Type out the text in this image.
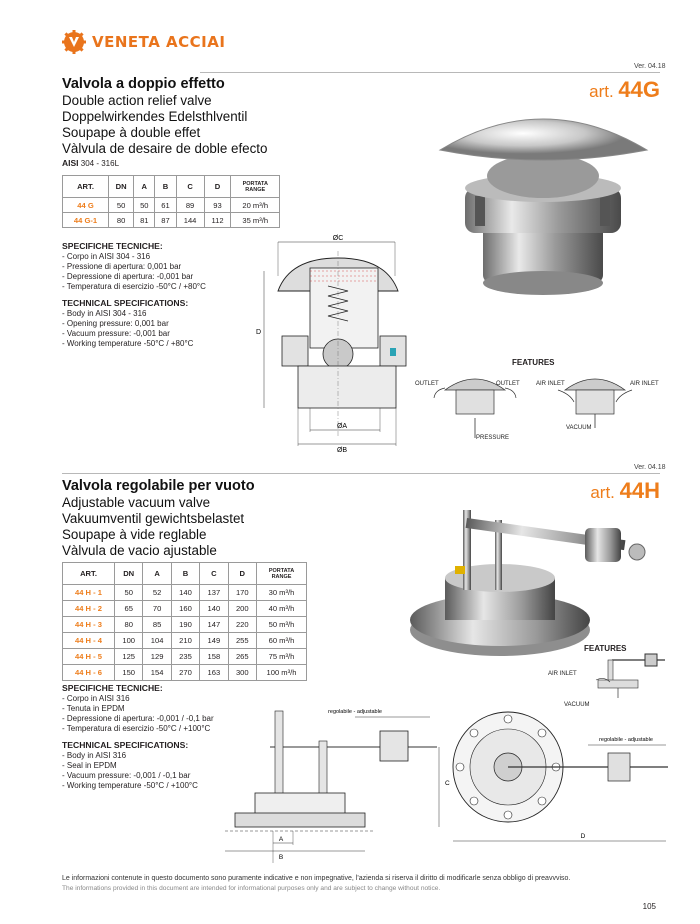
VENETA ACCIAI
Ver. 04.18
art. 44G
Valvola a doppio effetto
Double action relief valve
Doppelwirkendes Edelsthlventil
Soupape à double effet
Vàlvula de desaire de doble efecto
AISI 304 - 316L
ART.	DN	A	B	C	D	PORTATA
RANGE
44 G	50	50	61	89	93	20 m³/h
44 G-1	80	81	87	144	112	35 m³/h
SPECIFICHE TECNICHE:
- Corpo in AISI 304 - 316
- Pressione di apertura: 0,001 bar
- Depressione di apertura: -0,001 bar
- Temperatura di esercizio -50°C / +80°C
TECHNICAL SPECIFICATIONS:
- Body in AISI 304 - 316
- Opening pressure: 0,001 bar
- Vacuum pressure: -0,001 bar
- Working temperature -50°C / +80°C
ØC
D
ØA
ØB
FEATURES
OUTLET	OUTLET
PRESSURE
AIR INLET	AIR INLET
VACUUM
Ver. 04.18
art. 44H
Valvola regolabile per vuoto
Adjustable vacuum valve
Vakuumventil gewichtsbelastet
Soupape à vide reglable
Vàlvula de vacio ajustable
ART.	DN	A	B	C	D	PORTATA
RANGE
44 H - 1	50	52	140	137	170	30 m³/h
44 H - 2	65	70	160	140	200	40 m³/h
44 H - 3	80	85	190	147	220	50 m³/h
44 H - 4	100	104	210	149	255	60 m³/h
44 H - 5	125	129	235	158	265	75 m³/h
44 H - 6	150	154	270	163	300	100 m³/h
SPECIFICHE TECNICHE:
- Corpo in AISI 316
- Tenuta in EPDM
- Depressione di apertura: -0,001 / -0,1 bar
- Temperatura di esercizio -50°C / +100°C
TECHNICAL SPECIFICATIONS:
- Body in AISI 316
- Seal in EPDM
- Vacuum pressure: -0,001 / -0,1 bar
- Working temperature -50°C / +100°C
FEATURES
AIR INLET
VACUUM
regolabile - adjustable
A
B
C
regolabile - adjustable
D
Le informazioni contenute in questo documento sono puramente indicative e non impegnative, l'azienda si riserva il diritto di modificarle senza obbligo di preavvviso.
The informations provided in this document are intended for informational purposes only and are subject to change without notice.
105
